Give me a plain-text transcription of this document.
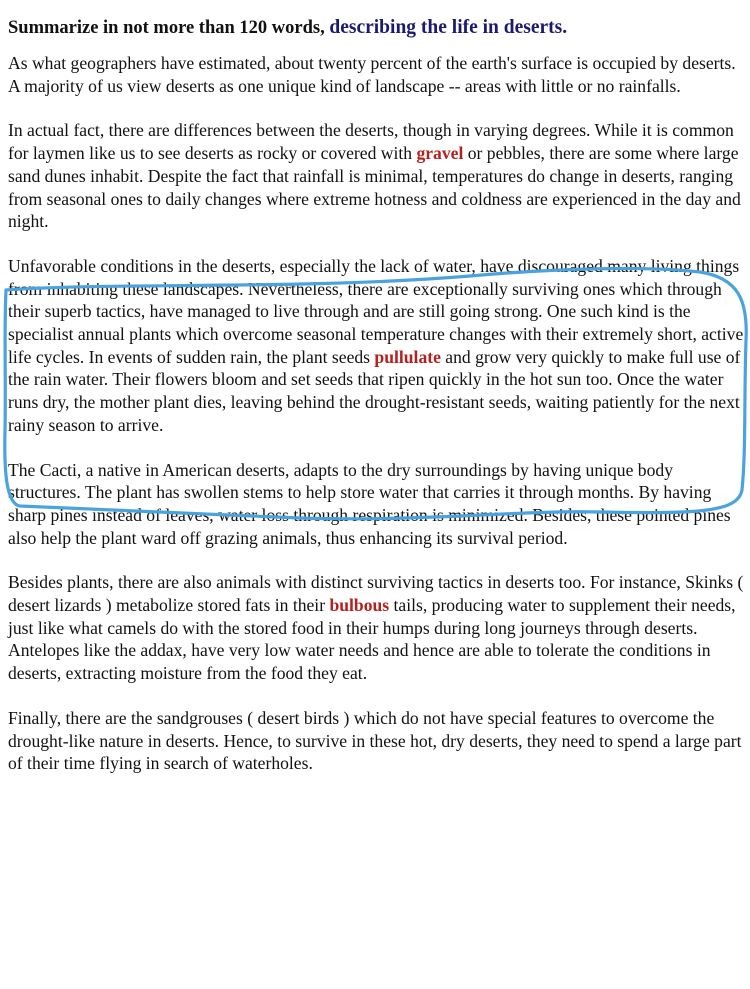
Summarize in not more than 120 words, describing the life in deserts.

As what geographers have estimated, about twenty percent of the earth's surface is occupied by deserts. A majority of us view deserts as one unique kind of landscape -- areas with little or no rainfalls.

In actual fact, there are differences between the deserts, though in varying degrees. While it is common for laymen like us to see deserts as rocky or covered with gravel or pebbles, there are some where large sand dunes inhabit. Despite the fact that rainfall is minimal, temperatures do change in deserts, ranging from seasonal ones to daily changes where extreme hotness and coldness are experienced in the day and night.

Unfavorable conditions in the deserts, especially the lack of water, have discouraged many living things from inhabiting these landscapes. Nevertheless, there are exceptionally surviving ones which through their superb tactics, have managed to live through and are still going strong. One such kind is the specialist annual plants which overcome seasonal temperature changes with their extremely short, active life cycles. In events of sudden rain, the plant seeds pullulate and grow very quickly to make full use of the rain water. Their flowers bloom and set seeds that ripen quickly in the hot sun too. Once the water runs dry, the mother plant dies, leaving behind the drought-resistant seeds, waiting patiently for the next rainy season to arrive.

The Cacti, a native in American deserts, adapts to the dry surroundings by having unique body structures. The plant has swollen stems to help store water that carries it through months. By having sharp pines instead of leaves, water loss through respiration is minimized. Besides, these pointed pines also help the plant ward off grazing animals, thus enhancing its survival period.

Besides plants, there are also animals with distinct surviving tactics in deserts too. For instance, Skinks ( desert lizards ) metabolize stored fats in their bulbous tails, producing water to supplement their needs, just like what camels do with the stored food in their humps during long journeys through deserts. Antelopes like the addax, have very low water needs and hence are able to tolerate the conditions in deserts, extracting moisture from the food they eat.

Finally, there are the sandgrouses ( desert birds ) which do not have special features to overcome the drought-like nature in deserts. Hence, to survive in these hot, dry deserts, they need to spend a large part of their time flying in search of waterholes.
